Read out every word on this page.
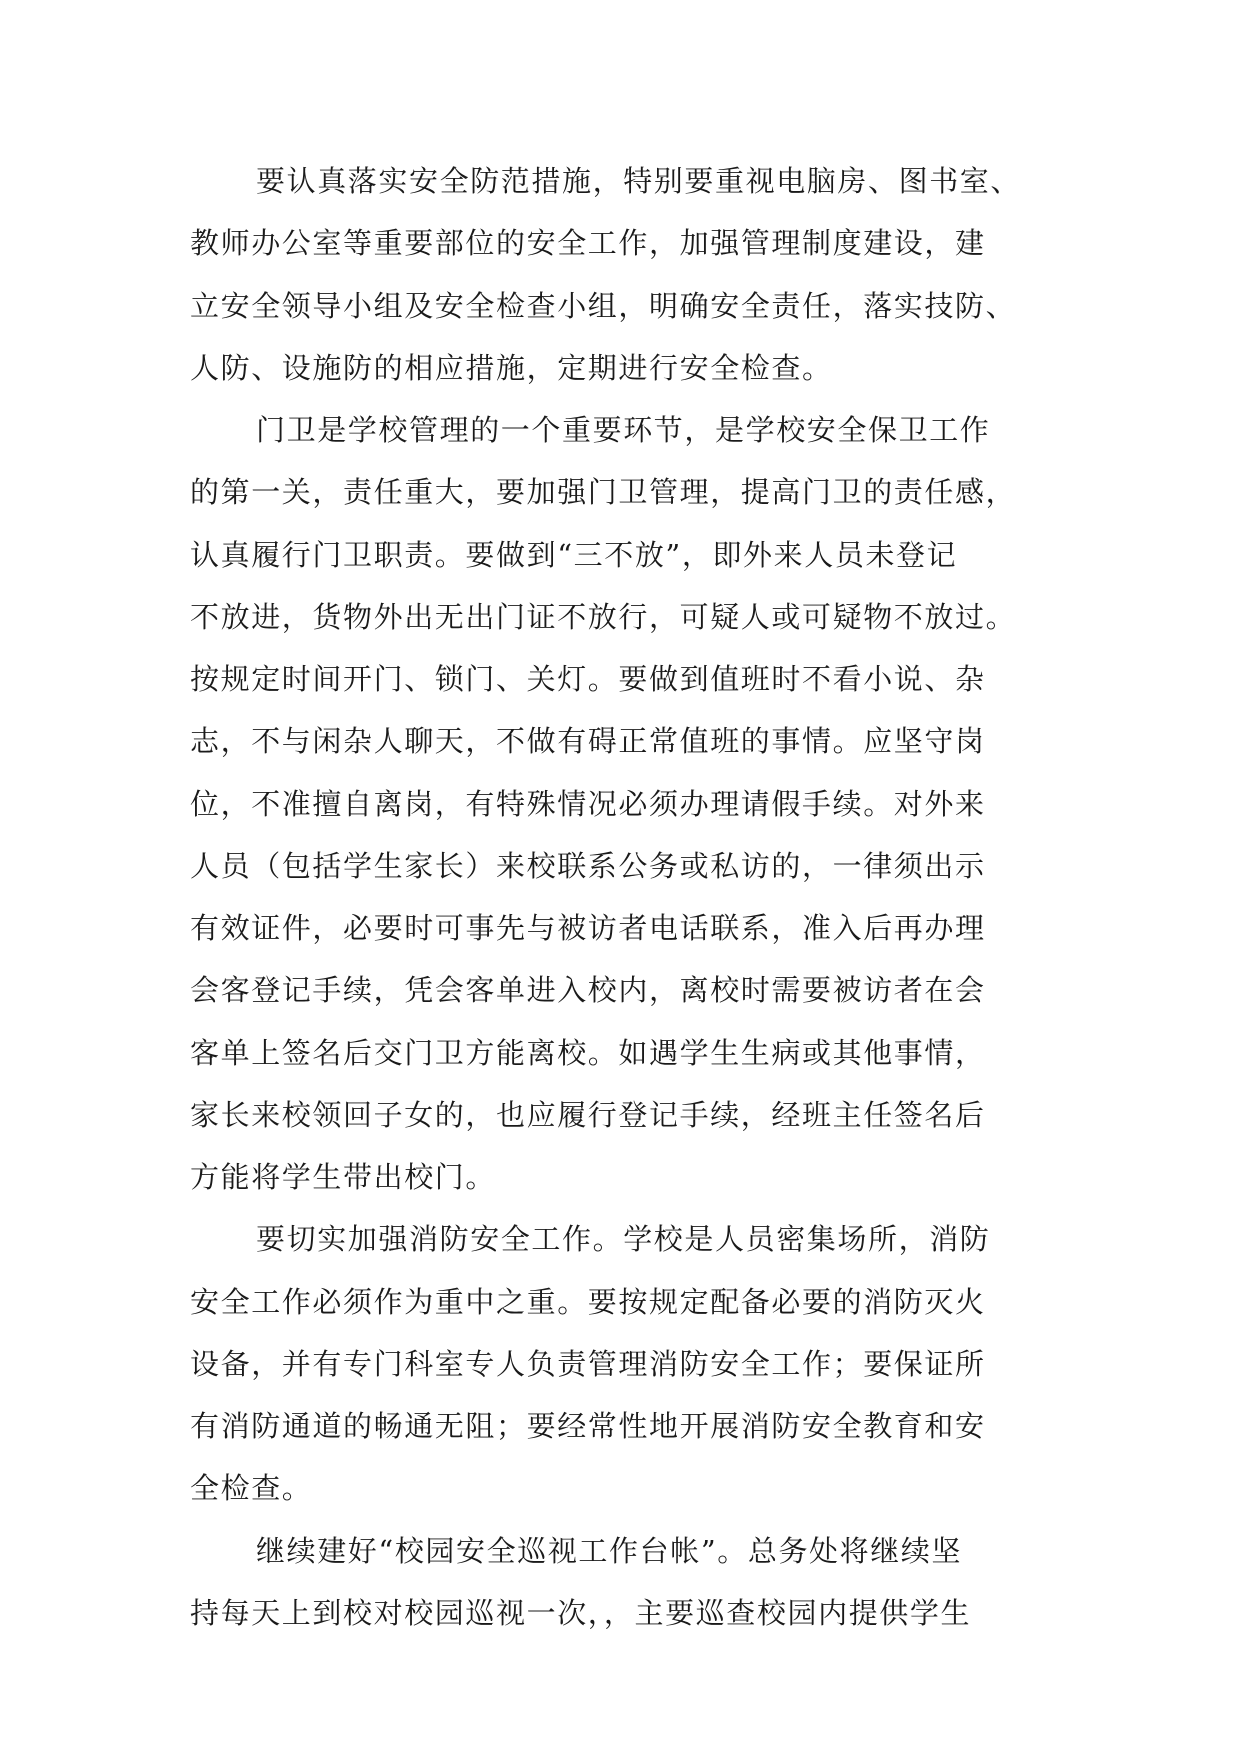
要认真落实安全防范措施，特别要重视电脑房、图书室、
教师办公室等重要部位的安全工作，加强管理制度建设，建
立安全领导小组及安全检查小组，明确安全责任，落实技防、
人防、设施防的相应措施，定期进行安全检查。
门卫是学校管理的一个重要环节，是学校安全保卫工作
的第一关，责任重大，要加强门卫管理，提高门卫的责任感，
认真履行门卫职责。要做到“三不放”，即外来人员未登记
不放进，货物外出无出门证不放行，可疑人或可疑物不放过。
按规定时间开门、锁门、关灯。要做到值班时不看小说、杂
志，不与闲杂人聊天，不做有碍正常值班的事情。应坚守岗
位，不准擅自离岗，有特殊情况必须办理请假手续。对外来
人员（包括学生家长）来校联系公务或私访的，一律须出示
有效证件，必要时可事先与被访者电话联系，准入后再办理
会客登记手续，凭会客单进入校内，离校时需要被访者在会
客单上签名后交门卫方能离校。如遇学生生病或其他事情，
家长来校领回子女的，也应履行登记手续，经班主任签名后
方能将学生带出校门。
要切实加强消防安全工作。学校是人员密集场所，消防
安全工作必须作为重中之重。要按规定配备必要的消防灭火
设备，并有专门科室专人负责管理消防安全工作；要保证所
有消防通道的畅通无阻；要经常性地开展消防安全教育和安
全检查。
继续建好“校园安全巡视工作台帐”。总务处将继续坚
持每天上到校对校园巡视一次，，主要巡查校园内提供学生
